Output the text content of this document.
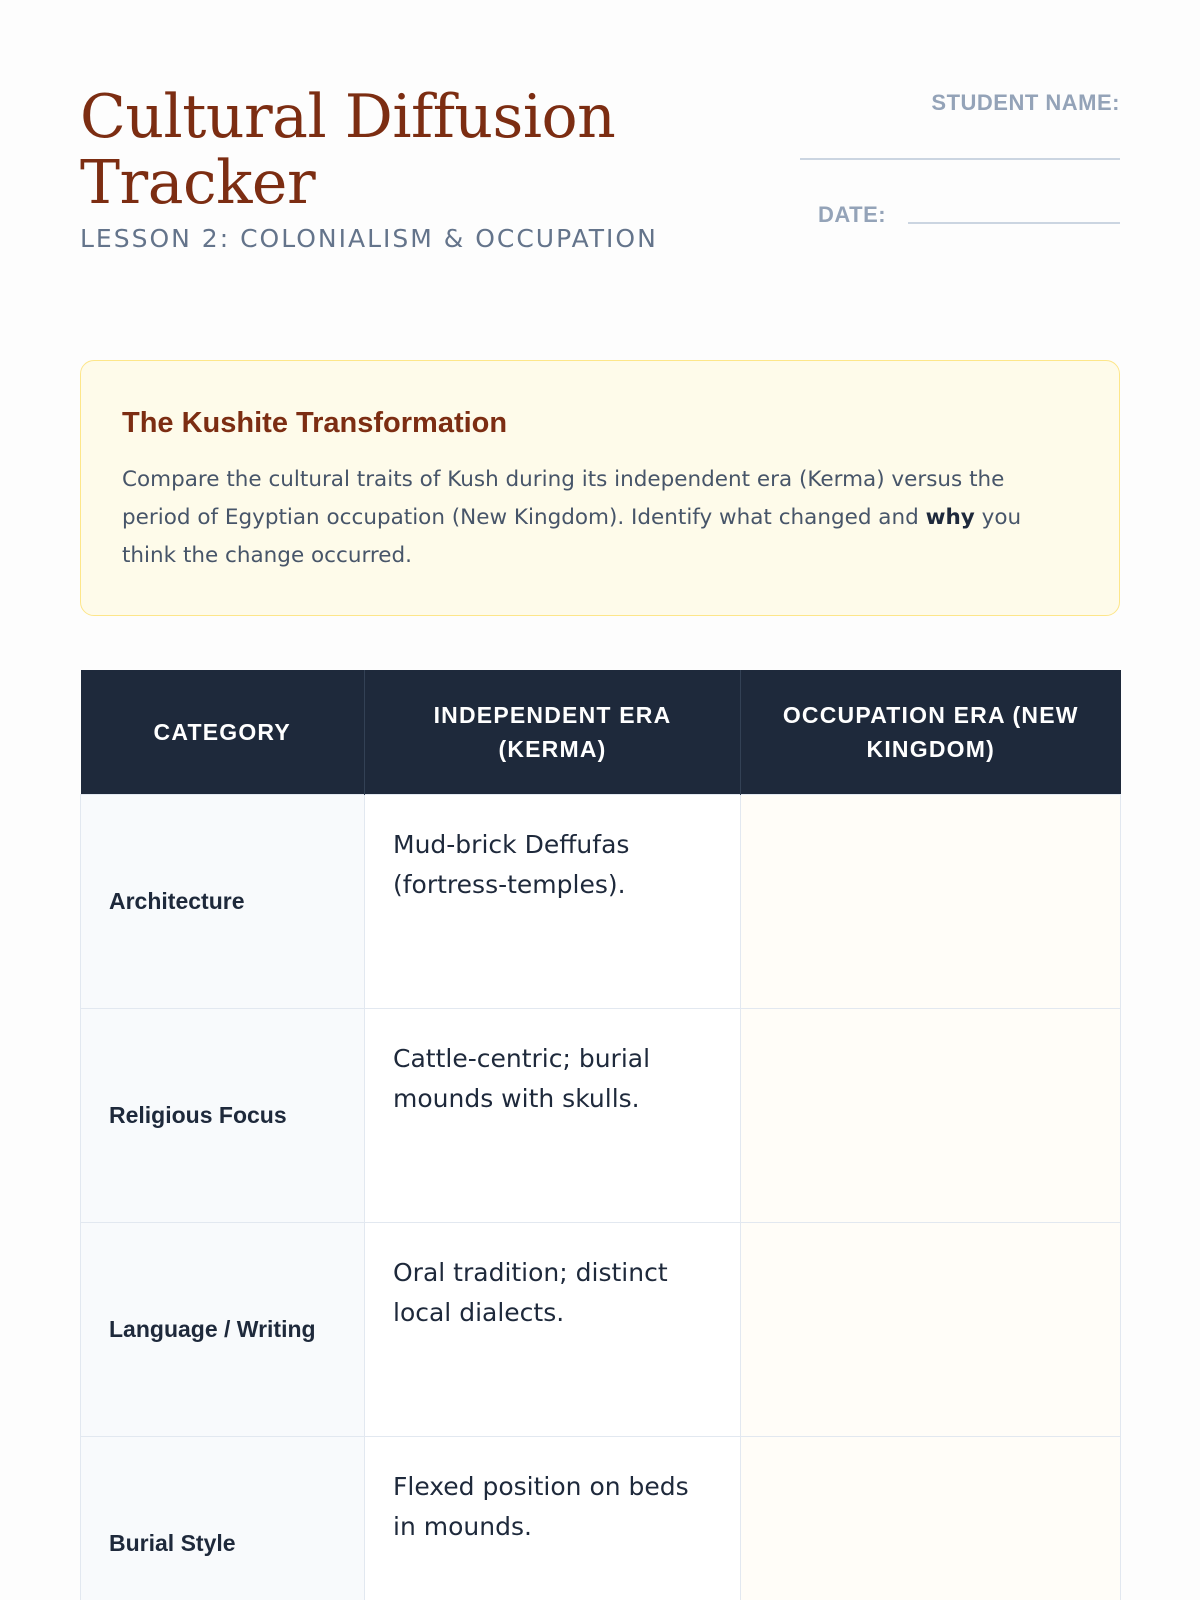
Cultural Diffusion
Tracker
LESSON 2: COLONIALISM & OCCUPATION
STUDENT NAME:
DATE:
The Kushite Transformation

Compare the cultural traits of Kush during its independent era (Kerma) versus the period of Egyptian occupation (New Kingdom). Identify what changed and why you think the change occurred.

CATEGORY	INDEPENDENT ERA (KERMA)	OCCUPATION ERA (NEW KINGDOM)
Architecture	Mud-brick Deffufas (fortress-temples).	
Religious Focus	Cattle-centric; burial mounds with skulls.	
Language / Writing	Oral tradition; distinct local dialects.	
Burial Style	Flexed position on beds in mounds.	
